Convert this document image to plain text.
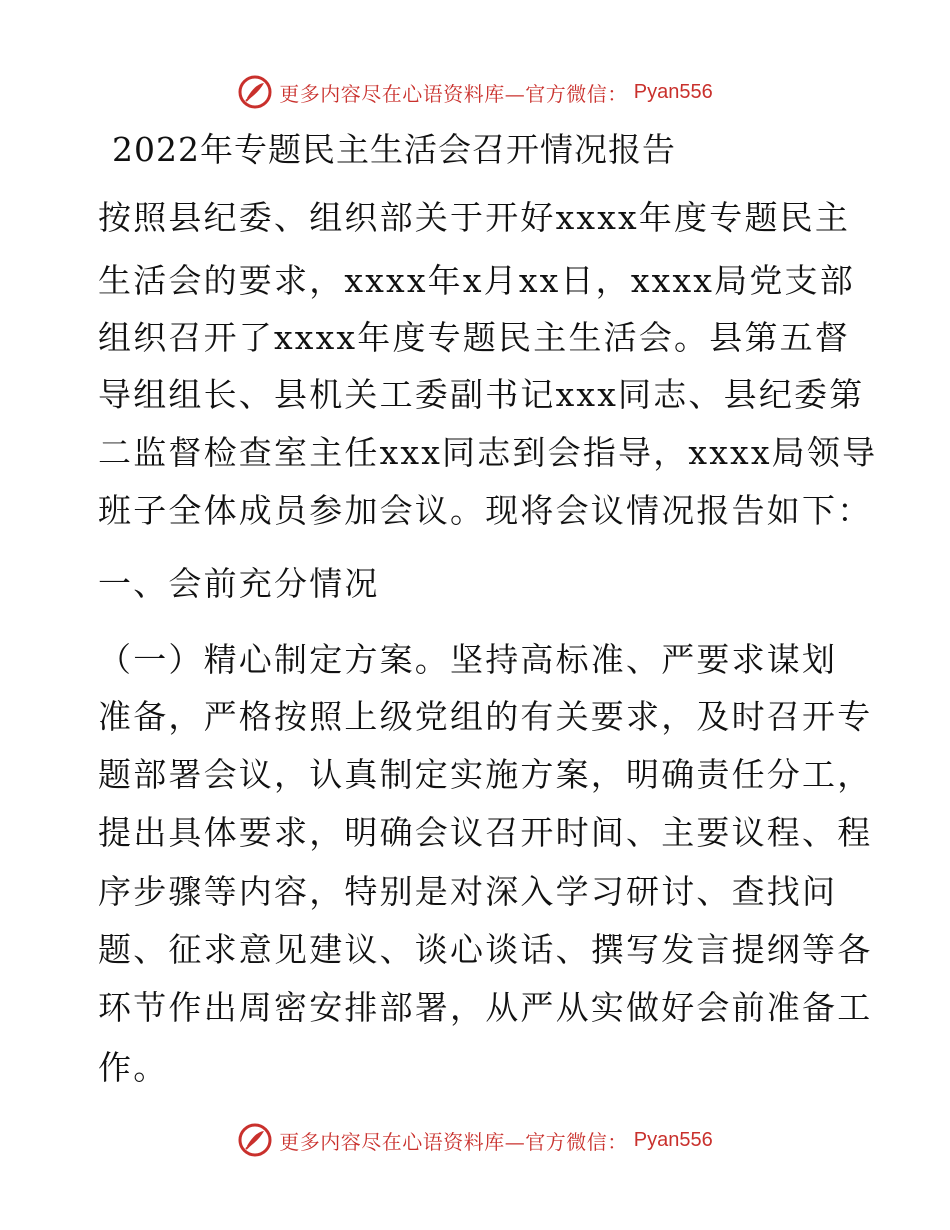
更多内容尽在心语资料库—官方微信： Pyan556
2022年专题民主生活会召开情况报告
按照县纪委、组织部关于开好xxxx年度专题民主
生活会的要求，xxxx年x月xx日，xxxx局党支部
组织召开了xxxx年度专题民主生活会。县第五督
导组组长、县机关工委副书记xxx同志、县纪委第
二监督检查室主任xxx同志到会指导，xxxx局领导
班子全体成员参加会议。现将会议情况报告如下：
一、会前充分情况
（一）精心制定方案。坚持高标准、严要求谋划
准备，严格按照上级党组的有关要求，及时召开专
题部署会议，认真制定实施方案，明确责任分工，
提出具体要求，明确会议召开时间、主要议程、程
序步骤等内容，特别是对深入学习研讨、查找问
题、征求意见建议、谈心谈话、撰写发言提纲等各
环节作出周密安排部署，从严从实做好会前准备工
作。
更多内容尽在心语资料库—官方微信： Pyan556
